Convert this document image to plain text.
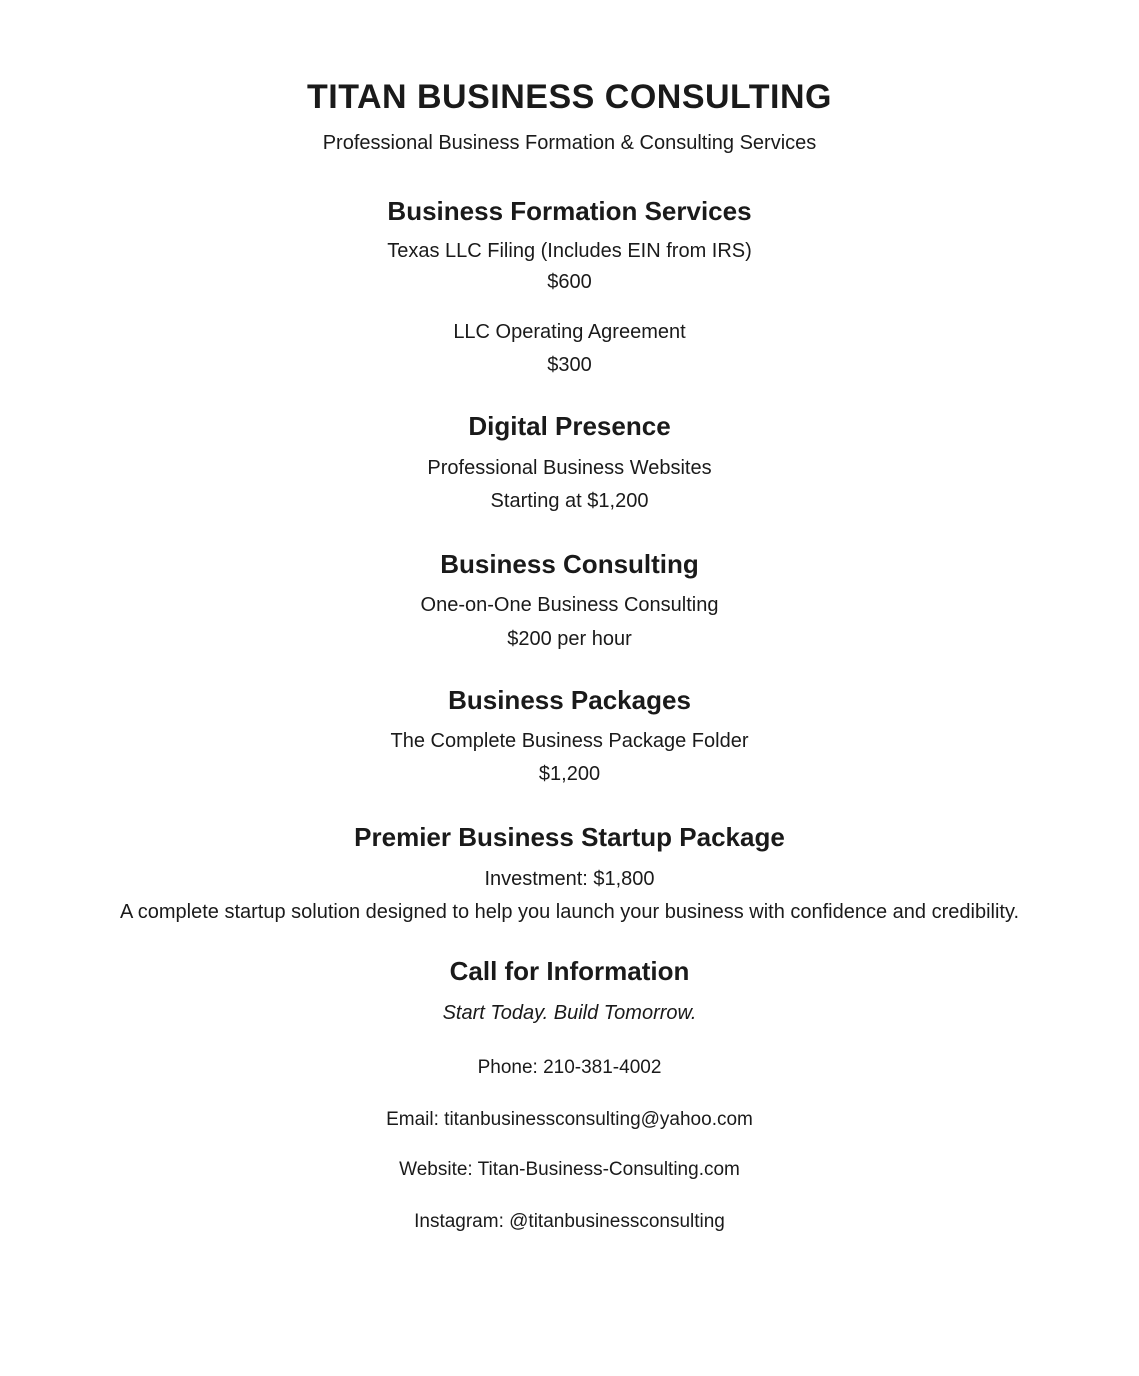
TITAN BUSINESS CONSULTING
Professional Business Formation & Consulting Services
Business Formation Services
Texas LLC Filing (Includes EIN from IRS)
$600
LLC Operating Agreement
$300
Digital Presence
Professional Business Websites
Starting at $1,200
Business Consulting
One-on-One Business Consulting
$200 per hour
Business Packages
The Complete Business Package Folder
$1,200
Premier Business Startup Package
Investment: $1,800

A complete startup solution designed to help you launch your business with confidence and credibility.

Call for Information
Start Today. Build Tomorrow.
Phone: 210-381-4002
Email: titanbusinessconsulting@yahoo.com
Website: Titan-Business-Consulting.com
Instagram: @titanbusinessconsulting
